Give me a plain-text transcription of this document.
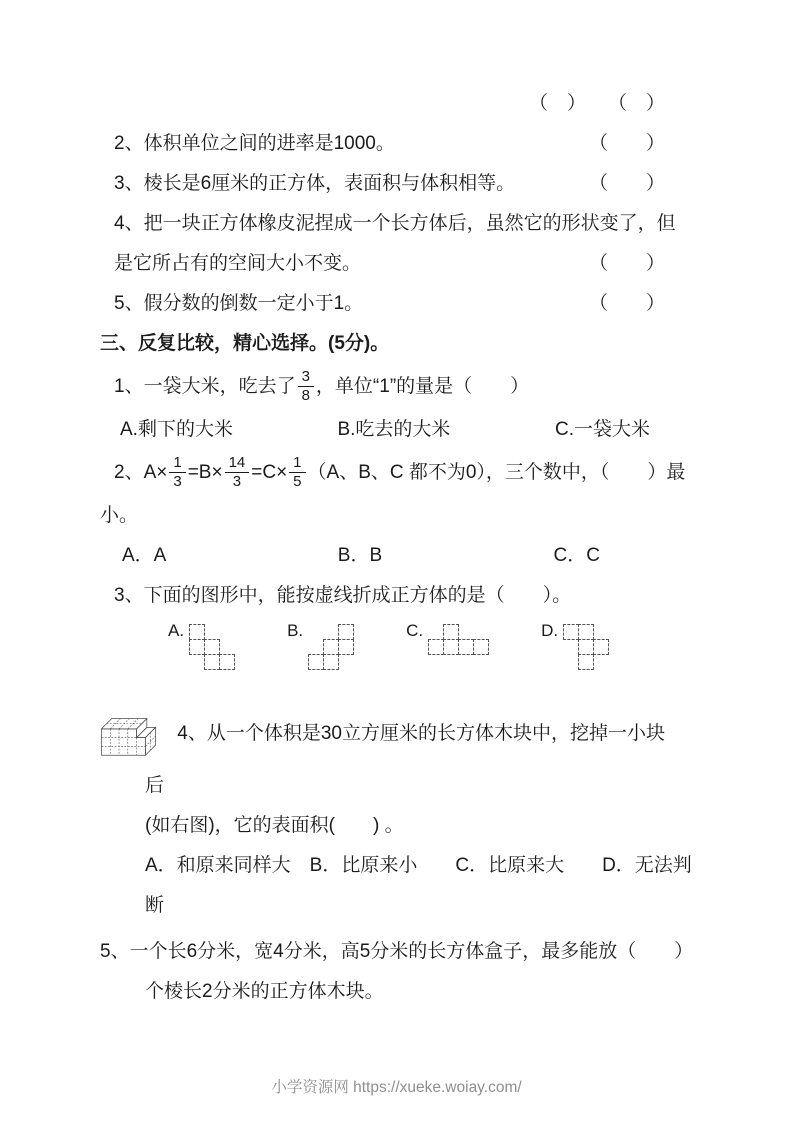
（　） （　）
2、体积单位之间的进率是1000。	（　　）
3、棱长是6厘米的正方体，表面积与体积相等。	（　　）
4、把一块正方体橡皮泥捏成一个长方体后，虽然它的形状变了，但
是它所占有的空间大小不变。	（　　）
5、假分数的倒数一定小于1。	（　　）
三、反复比较，精心选择。(5分)。
1、一袋大米，吃去了 $\frac{3}{8}$ ，单位“1”的量是（　　）
A.剩下的大米	B.吃去的大米	C.一袋大米
2、$A\times \frac{1}{3} =B\times \frac{14}{3} =C\times \frac{1}{5} (A$、B、C 都不为0），三个数中，（　　）最
小。
A．A	B．B	C．C
3、下面的图形中，能按虚线折成正方体的是（　　）。
A.	B.	C.	D.
4、从一个体积是30立方厘米的长方体木块中，挖掉一小块
后
(如右图)，它的表面积(　　) 。
A．和原来同样大　B．比原来小　　C．比原来大　　D．无法判
断
5、一个长6分米，宽4分米，高5分米的长方体盒子，最多能放（　　）
个棱长2分米的正方体木块。
小学资源网 https://xueke.woiay.com/
